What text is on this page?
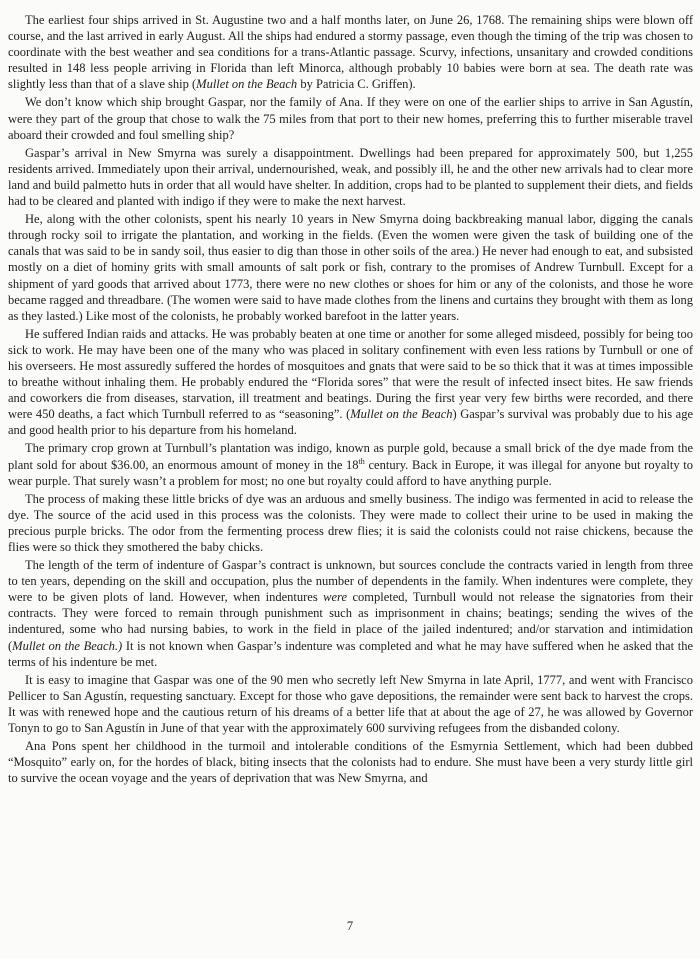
The earliest four ships arrived in St. Augustine two and a half months later, on June 26, 1768. The remaining ships were blown off course, and the last arrived in early August. All the ships had endured a stormy passage, even though the timing of the trip was chosen to coordinate with the best weather and sea conditions for a trans-Atlantic passage. Scurvy, infections, unsanitary and crowded conditions resulted in 148 less people arriving in Florida than left Minorca, although probably 10 babies were born at sea. The death rate was slightly less than that of a slave ship (Mullet on the Beach by Patricia C. Griffen).

We don’t know which ship brought Gaspar, nor the family of Ana. If they were on one of the earlier ships to arrive in San Agustín, were they part of the group that chose to walk the 75 miles from that port to their new homes, preferring this to further miserable travel aboard their crowded and foul smelling ship?

Gaspar’s arrival in New Smyrna was surely a disappointment. Dwellings had been prepared for approximately 500, but 1,255 residents arrived. Immediately upon their arrival, undernourished, weak, and possibly ill, he and the other new arrivals had to clear more land and build palmetto huts in order that all would have shelter. In addition, crops had to be planted to supplement their diets, and fields had to be cleared and planted with indigo if they were to make the next harvest.

He, along with the other colonists, spent his nearly 10 years in New Smyrna doing backbreaking manual labor, digging the canals through rocky soil to irrigate the plantation, and working in the fields. (Even the women were given the task of building one of the canals that was said to be in sandy soil, thus easier to dig than those in other soils of the area.) He never had enough to eat, and subsisted mostly on a diet of hominy grits with small amounts of salt pork or fish, contrary to the promises of Andrew Turnbull. Except for a shipment of yard goods that arrived about 1773, there were no new clothes or shoes for him or any of the colonists, and those he wore became ragged and threadbare. (The women were said to have made clothes from the linens and curtains they brought with them as long as they lasted.) Like most of the colonists, he probably worked barefoot in the latter years.

He suffered Indian raids and attacks. He was probably beaten at one time or another for some alleged misdeed, possibly for being too sick to work. He may have been one of the many who was placed in solitary confinement with even less rations by Turnbull or one of his overseers. He most assuredly suffered the hordes of mosquitoes and gnats that were said to be so thick that it was at times impossible to breathe without inhaling them. He probably endured the “Florida sores” that were the result of infected insect bites. He saw friends and coworkers die from diseases, starvation, ill treatment and beatings. During the first year very few births were recorded, and there were 450 deaths, a fact which Turnbull referred to as “seasoning”. (Mullet on the Beach) Gaspar’s survival was probably due to his age and good health prior to his departure from his homeland.

The primary crop grown at Turnbull’s plantation was indigo, known as purple gold, because a small brick of the dye made from the plant sold for about $36.00, an enormous amount of money in the 18th century. Back in Europe, it was illegal for anyone but royalty to wear purple. That surely wasn’t a problem for most; no one but royalty could afford to have anything purple.

The process of making these little bricks of dye was an arduous and smelly business. The indigo was fermented in acid to release the dye. The source of the acid used in this process was the colonists. They were made to collect their urine to be used in making the precious purple bricks. The odor from the fermenting process drew flies; it is said the colonists could not raise chickens, because the flies were so thick they smothered the baby chicks.

The length of the term of indenture of Gaspar’s contract is unknown, but sources conclude the contracts varied in length from three to ten years, depending on the skill and occupation, plus the number of dependents in the family. When indentures were complete, they were to be given plots of land. However, when indentures were completed, Turnbull would not release the signatories from their contracts. They were forced to remain through punishment such as imprisonment in chains; beatings; sending the wives of the indentured, some who had nursing babies, to work in the field in place of the jailed indentured; and/or starvation and intimidation (Mullet on the Beach.) It is not known when Gaspar’s indenture was completed and what he may have suffered when he asked that the terms of his indenture be met.

It is easy to imagine that Gaspar was one of the 90 men who secretly left New Smyrna in late April, 1777, and went with Francisco Pellicer to San Agustín, requesting sanctuary. Except for those who gave depositions, the remainder were sent back to harvest the crops. It was with renewed hope and the cautious return of his dreams of a better life that at about the age of 27, he was allowed by Governor Tonyn to go to San Agustín in June of that year with the approximately 600 surviving refugees from the disbanded colony.

Ana Pons spent her childhood in the turmoil and intolerable conditions of the Esmyrnia Settlement, which had been dubbed “Mosquito” early on, for the hordes of black, biting insects that the colonists had to endure. She must have been a very sturdy little girl to survive the ocean voyage and the years of deprivation that was New Smyrna, and

7
